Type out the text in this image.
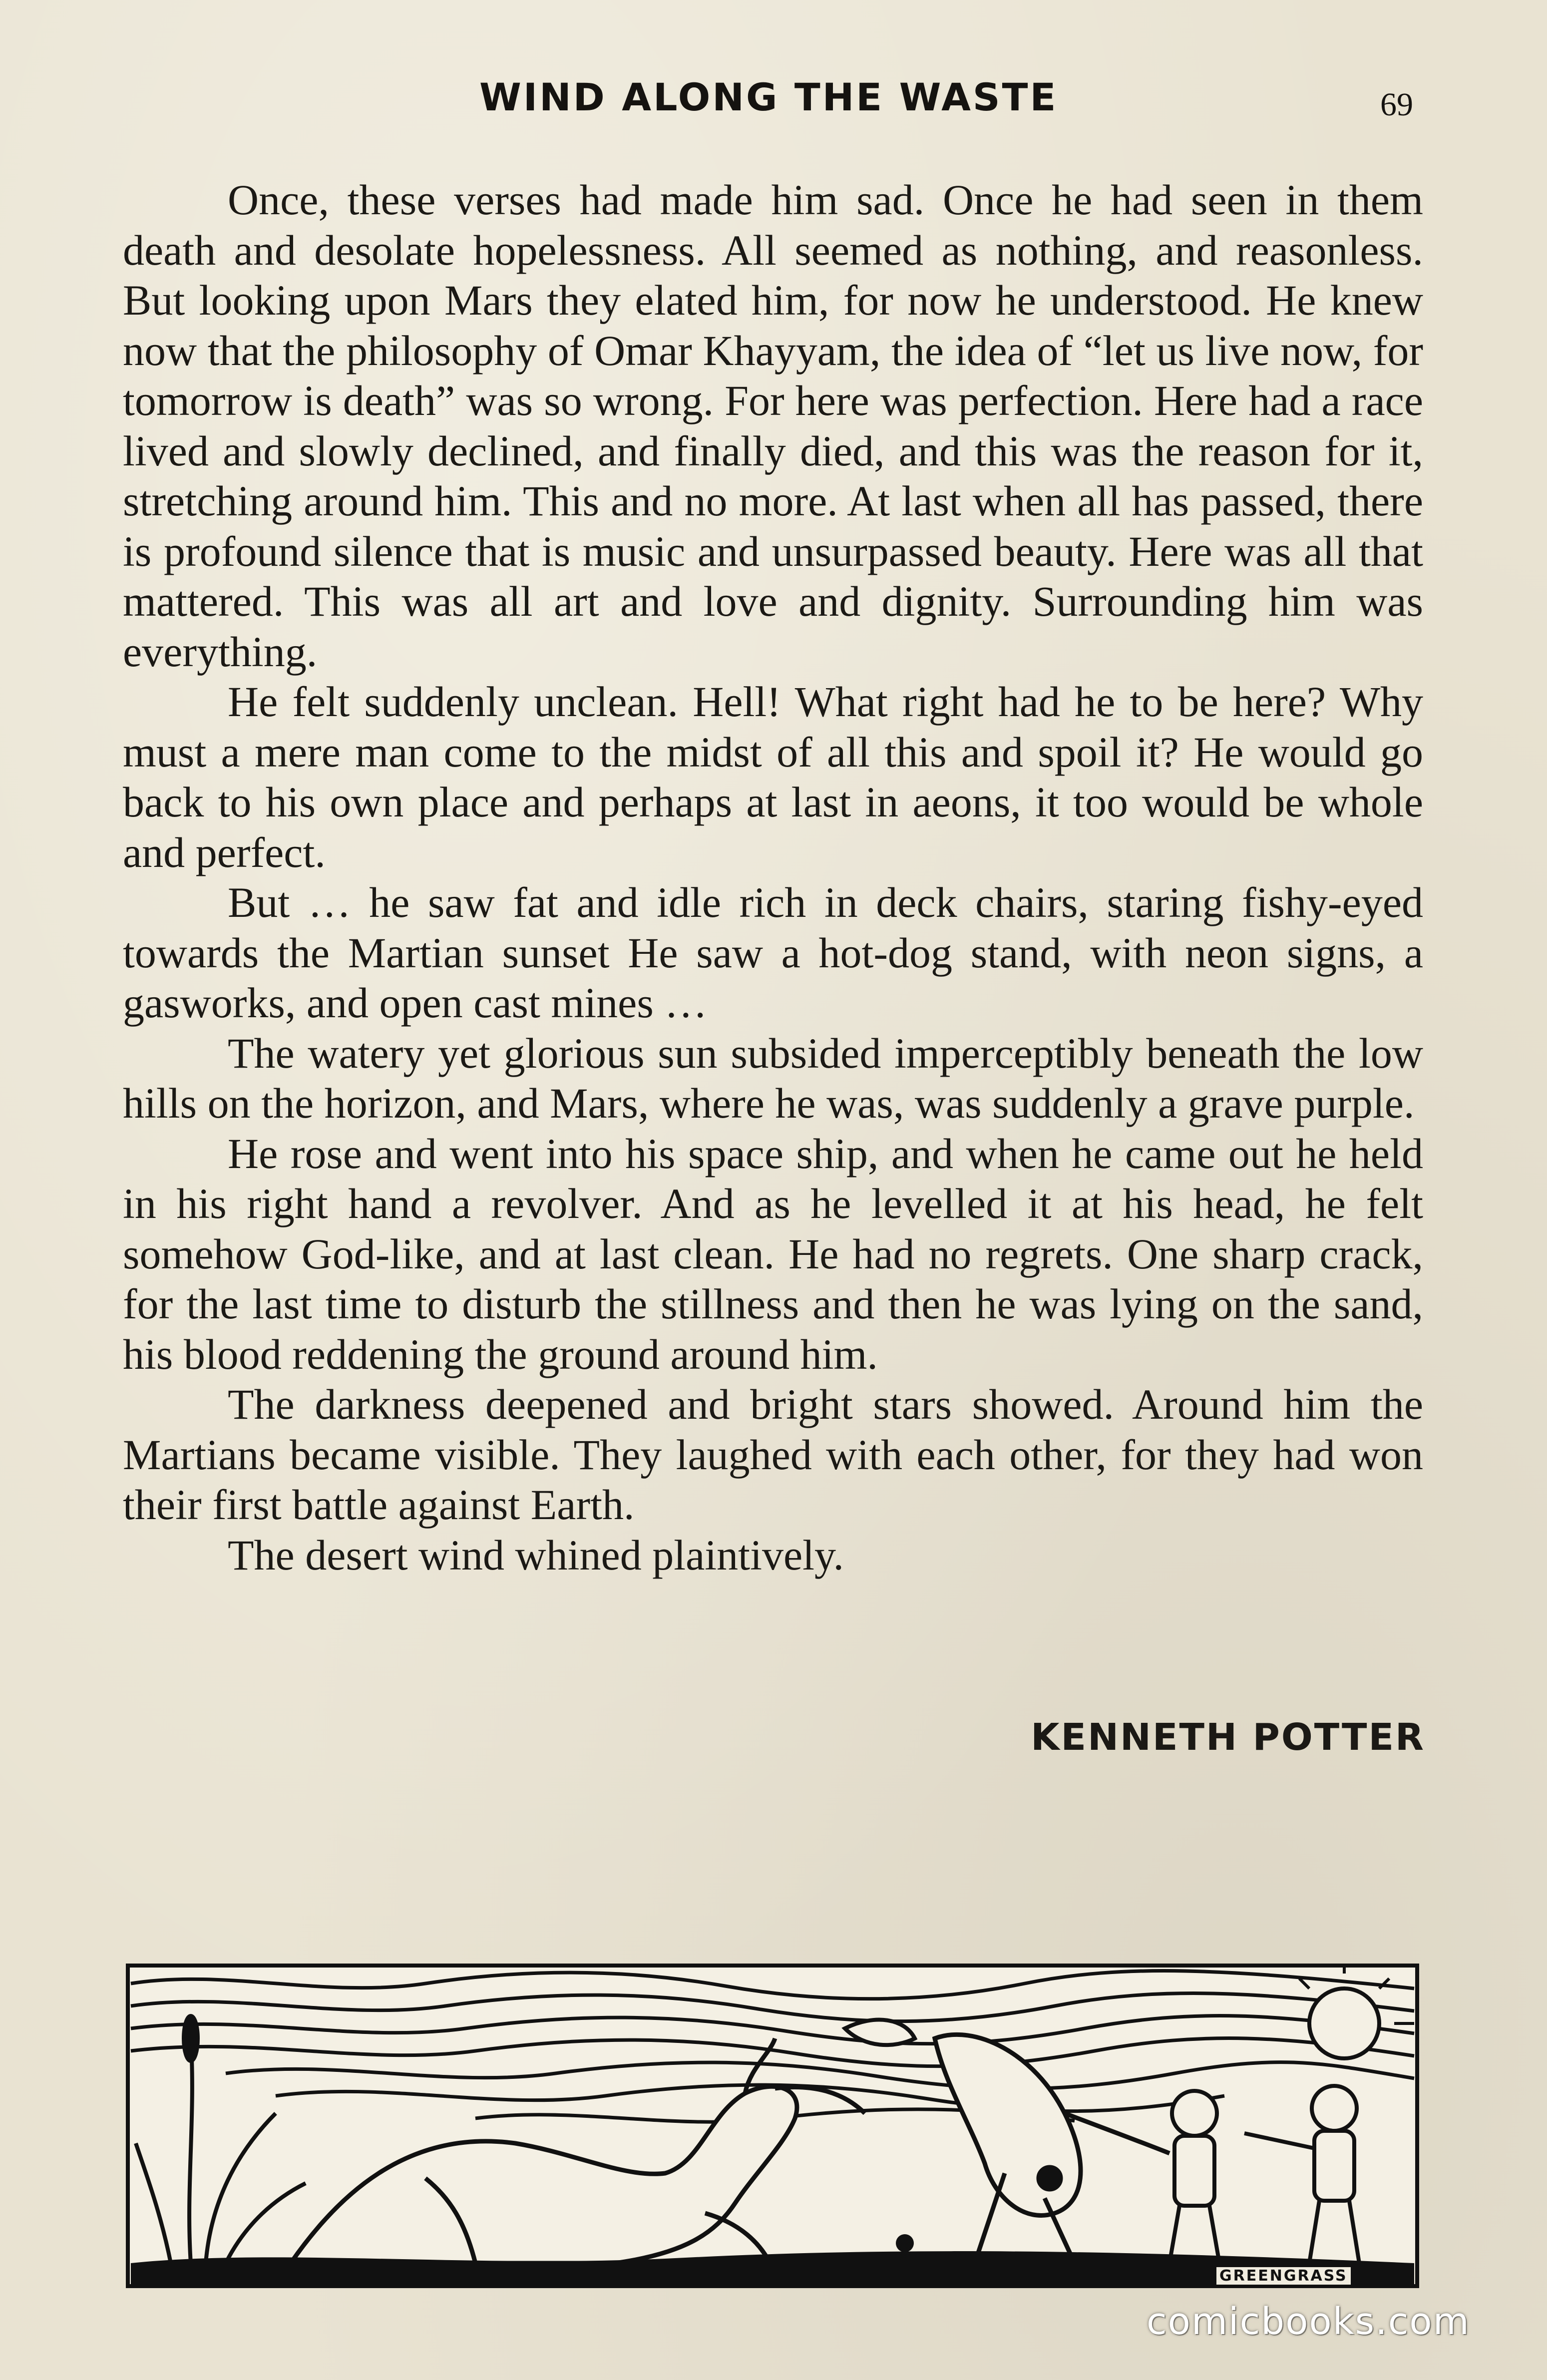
WIND ALONG THE WASTE	69

Once, these verses had made him sad. Once he had seen in them death and desolate hopelessness. All seemed as nothing, and reasonless. But looking upon Mars they elated him, for now he understood. He knew now that the philosophy of Omar Khayyam, the idea of “let us live now, for tomorrow is death” was so wrong. For here was perfection. Here had a race lived and slowly declined, and finally died, and this was the reason for it, stretching around him. This and no more. At last when all has passed, there is profound silence that is music and unsurpassed beauty. Here was all that mattered. This was all art and love and dignity. Surrounding him was everything.

He felt suddenly unclean. Hell! What right had he to be here? Why must a mere man come to the midst of all this and spoil it? He would go back to his own place and perhaps at last in aeons, it too would be whole and perfect.

But … he saw fat and idle rich in deck chairs, staring fishy-eyed towards the Martian sunset He saw a hot-dog stand, with neon signs, a gasworks, and open cast mines …

The watery yet glorious sun subsided imperceptibly beneath the low hills on the horizon, and Mars, where he was, was suddenly a grave purple.

He rose and went into his space ship, and when he came out he held in his right hand a revolver. And as he levelled it at his head, he felt somehow God-like, and at last clean. He had no regrets. One sharp crack, for the last time to disturb the stillness and then he was lying on the sand, his blood reddening the ground around him.

The darkness deepened and bright stars showed. Around him the Martians became visible. They laughed with each other, for they had won their first battle against Earth.

The desert wind whined plaintively.

KENNETH POTTER
GREENGRASS
comicbooks.com
